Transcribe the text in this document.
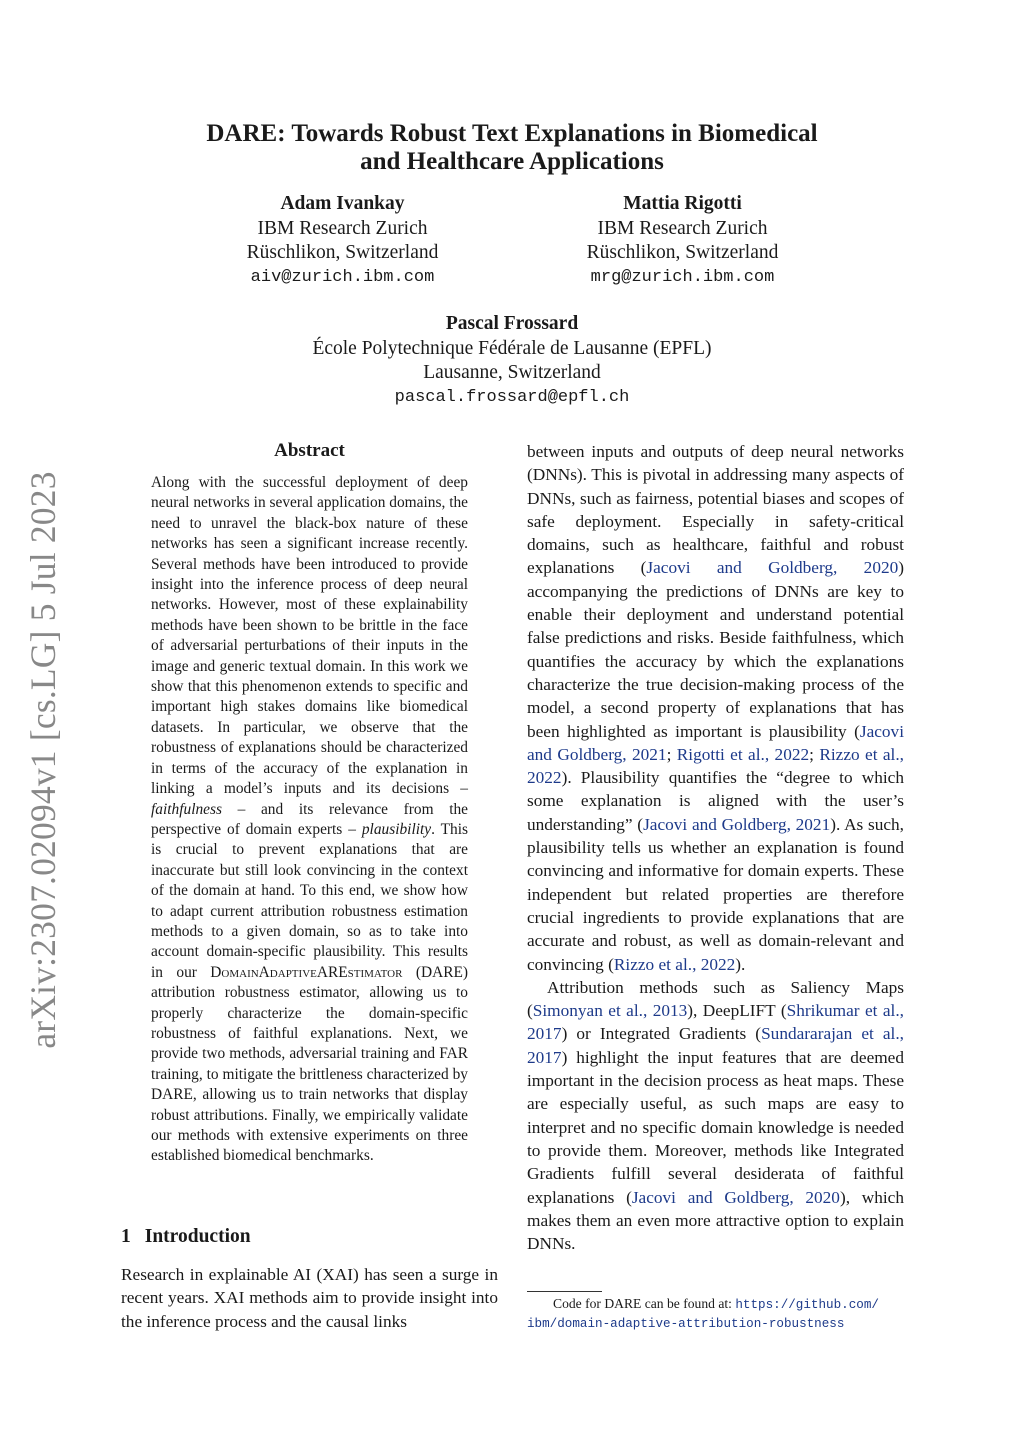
arXiv:2307.02094v1 [cs.LG] 5 Jul 2023
DARE: Towards Robust Text Explanations in Biomedical
and Healthcare Applications
Adam Ivankay
IBM Research Zurich
Rüschlikon, Switzerland
aiv@zurich.ibm.com
Mattia Rigotti
IBM Research Zurich
Rüschlikon, Switzerland
mrg@zurich.ibm.com
Pascal Frossard
École Polytechnique Fédérale de Lausanne (EPFL)
Lausanne, Switzerland
pascal.frossard@epfl.ch
Abstract
Along with the successful deployment of deep neural networks in several application domains, the need to unravel the black-box nature of these networks has seen a significant increase recently. Several methods have been introduced to provide insight into the inference process of deep neural networks. However, most of these explainability methods have been shown to be brittle in the face of adversarial perturbations of their inputs in the image and generic textual domain. In this work we show that this phenomenon extends to specific and important high stakes domains like biomedical datasets. In particular, we observe that the robustness of explanations should be characterized in terms of the accuracy of the explanation in linking a model’s inputs and its decisions – faithfulness – and its relevance from the perspective of domain experts – plausibility. This is crucial to prevent explanations that are inaccurate but still look convincing in the context of the domain at hand. To this end, we show how to adapt current attribution robustness estimation methods to a given domain, so as to take into account domain-specific plausibility. This results in our DomainAdaptiveAREstimator (DARE) attribution robustness estimator, allowing us to properly characterize the domain-specific robustness of faithful explanations. Next, we provide two methods, adversarial training and FAR training, to mitigate the brittleness characterized by DARE, allowing us to train networks that display robust attributions. Finally, we empirically validate our methods with extensive experiments on three established biomedical benchmarks.
1 Introduction
Research in explainable AI (XAI) has seen a surge in recent years. XAI methods aim to provide insight into the inference process and the causal links

between inputs and outputs of deep neural networks (DNNs). This is pivotal in addressing many aspects of DNNs, such as fairness, potential biases and scopes of safe deployment. Especially in safety-critical domains, such as healthcare, faithful and robust explanations (Jacovi and Goldberg, 2020) accompanying the predictions of DNNs are key to enable their deployment and understand potential false predictions and risks. Beside faithfulness, which quantifies the accuracy by which the explanations characterize the true decision-making process of the model, a second property of explanations that has been highlighted as important is plausibility (Jacovi and Goldberg, 2021; Rigotti et al., 2022; Rizzo et al., 2022). Plausibility quantifies the “degree to which some explanation is aligned with the user’s understanding” (Jacovi and Goldberg, 2021). As such, plausibility tells us whether an explanation is found convincing and informative for domain experts. These independent but related properties are therefore crucial ingredients to provide explanations that are accurate and robust, as well as domain-relevant and convincing (Rizzo et al., 2022).

Attribution methods such as Saliency Maps (Simonyan et al., 2013), DeepLIFT (Shrikumar et al., 2017) or Integrated Gradients (Sundararajan et al., 2017) highlight the input features that are deemed important in the decision process as heat maps. These are especially useful, as such maps are easy to interpret and no specific domain knowledge is needed to provide them. Moreover, methods like Integrated Gradients fulfill several desiderata of faithful explanations (Jacovi and Goldberg, 2020), which makes them an even more attractive option to explain DNNs.

Code for DARE can be found at: https://github.com/
ibm/domain-adaptive-attribution-robustness
